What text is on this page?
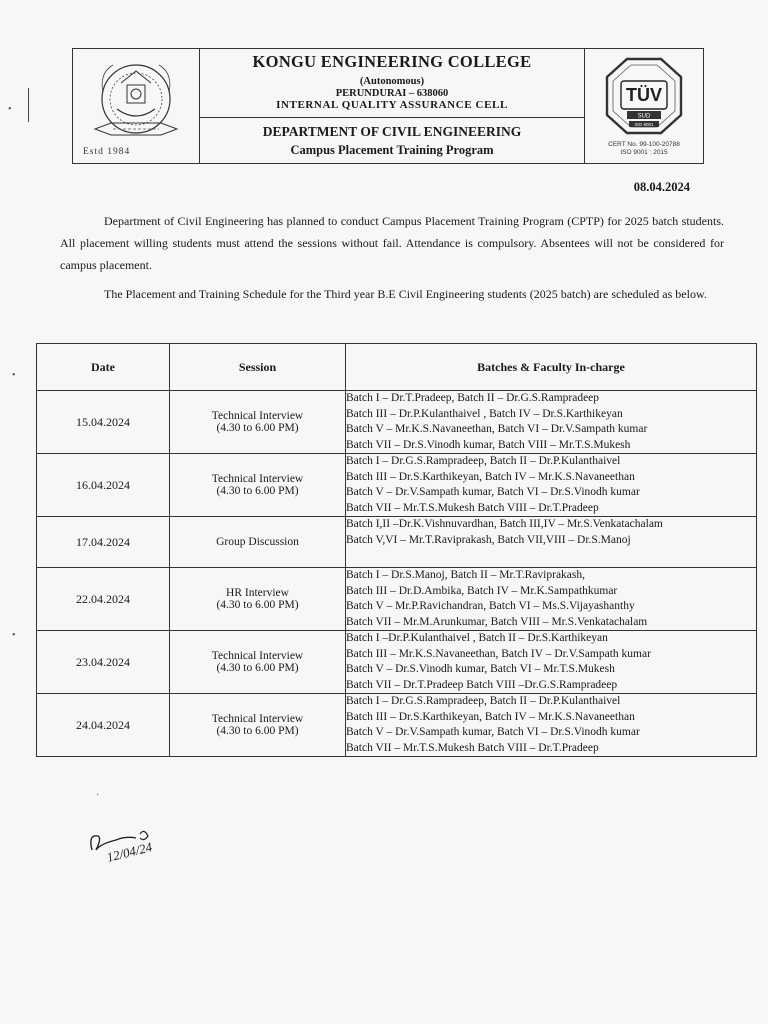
Estd 1984
KONGU ENGINEERING COLLEGE
(Autonomous)
PERUNDURAI – 638060
INTERNAL QUALITY ASSURANCE CELL
DEPARTMENT OF CIVIL ENGINEERING
Campus Placement Training Program
TÜV
SUD
ISO 9001
CERT No. 99-100-20788
ISO 9001 : 2015
08.04.2024
Department of Civil Engineering has planned to conduct Campus Placement Training Program (CPTP) for 2025 batch students. All placement willing students must attend the sessions without fail. Attendance is compulsory. Absentees will not be considered for campus placement.
The Placement and Training Schedule for the Third year B.E Civil Engineering students (2025 batch) are scheduled as below.
Date	Session	Batches & Faculty In-charge
15.04.2024	Technical Interview
(4.30 to 6.00 PM)	Batch I – Dr.T.Pradeep, Batch II – Dr.G.S.Rampradeep
Batch III – Dr.P.Kulanthaivel , Batch IV – Dr.S.Karthikeyan
Batch V – Mr.K.S.Navaneethan, Batch VI – Dr.V.Sampath kumar
Batch VII – Dr.S.Vinodh kumar, Batch VIII – Mr.T.S.Mukesh

16.04.2024	Technical Interview
(4.30 to 6.00 PM)	Batch I – Dr.G.S.Rampradeep, Batch II – Dr.P.Kulanthaivel
Batch III – Dr.S.Karthikeyan, Batch IV – Mr.K.S.Navaneethan
Batch V – Dr.V.Sampath kumar, Batch VI – Dr.S.Vinodh kumar
Batch VII – Mr.T.S.Mukesh Batch VIII – Dr.T.Pradeep

17.04.2024	Group Discussion	Batch I,II –Dr.K.Vishnuvardhan, Batch III,IV – Mr.S.Venkatachalam
Batch V,VI – Mr.T.Raviprakash, Batch VII,VIII – Dr.S.Manoj

22.04.2024	HR Interview
(4.30 to 6.00 PM)	Batch I – Dr.S.Manoj, Batch II – Mr.T.Raviprakash,
Batch III – Dr.D.Ambika, Batch IV – Mr.K.Sampathkumar
Batch V – Mr.P.Ravichandran, Batch VI – Ms.S.Vijayashanthy
Batch VII – Mr.M.Arunkumar, Batch VIII – Mr.S.Venkatachalam

23.04.2024	Technical Interview
(4.30 to 6.00 PM)	Batch I –Dr.P.Kulanthaivel , Batch II – Dr.S.Karthikeyan
Batch III – Mr.K.S.Navaneethan, Batch IV – Dr.V.Sampath kumar
Batch V – Dr.S.Vinodh kumar, Batch VI – Mr.T.S.Mukesh
Batch VII – Dr.T.Pradeep Batch VIII –Dr.G.S.Rampradeep

24.04.2024	Technical Interview
(4.30 to 6.00 PM)	Batch I – Dr.G.S.Rampradeep, Batch II – Dr.P.Kulanthaivel
Batch III – Dr.S.Karthikeyan, Batch IV – Mr.K.S.Navaneethan
Batch V – Dr.V.Sampath kumar, Batch VI – Dr.S.Vinodh kumar
Batch VII – Mr.T.S.Mukesh Batch VIII – Dr.T.Pradeep
•
•
•
·
12/04/24
